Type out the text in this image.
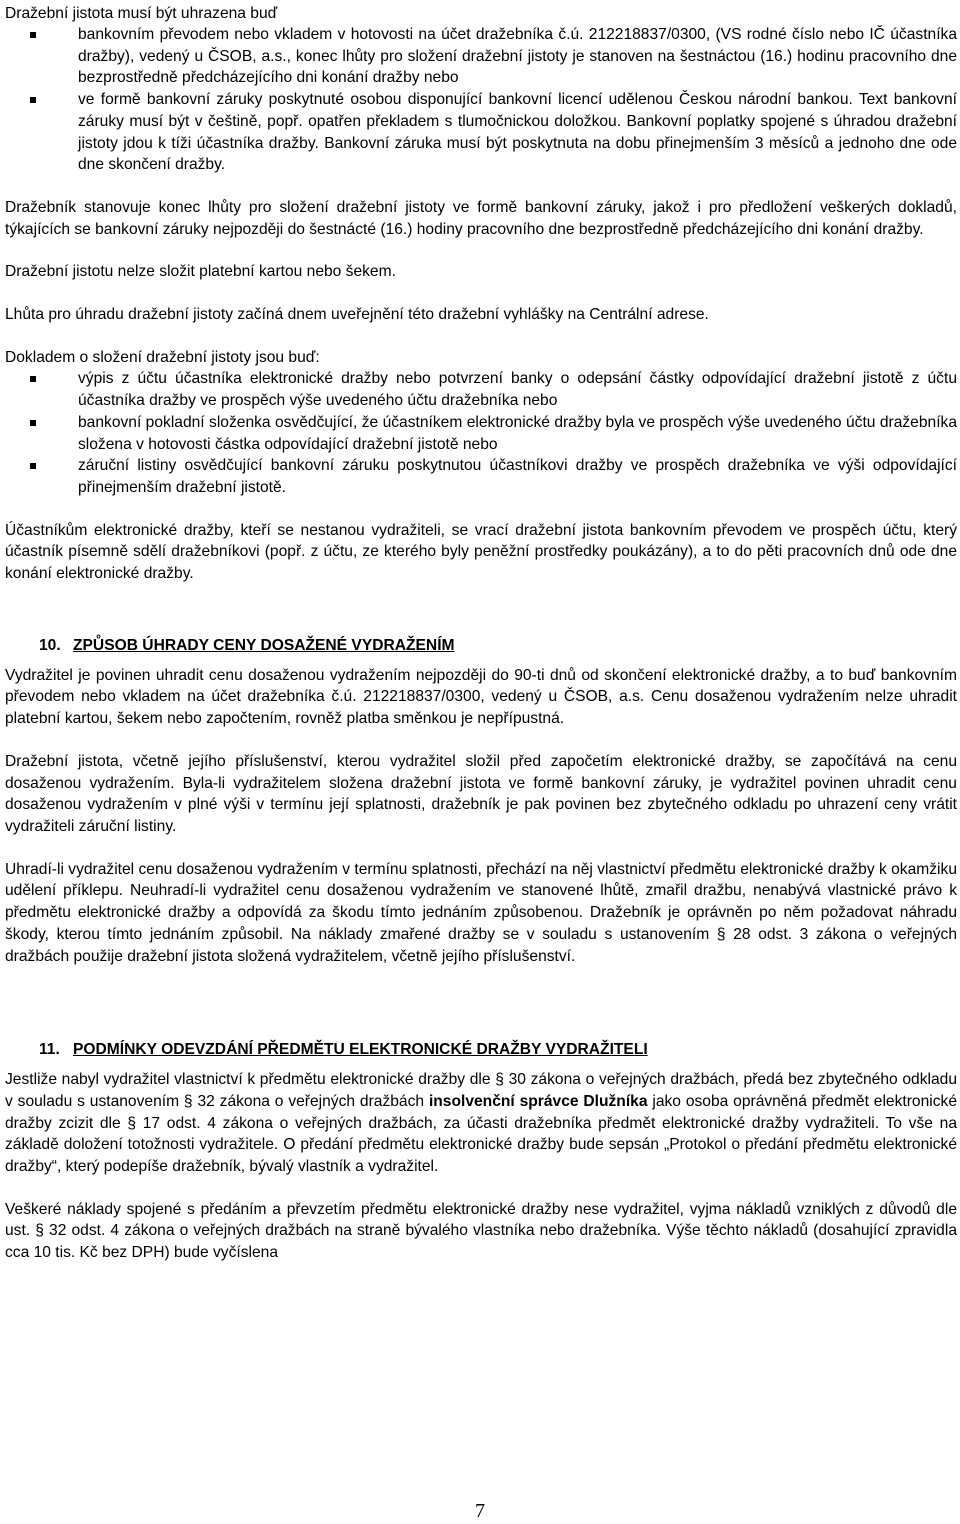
Dražební jistota musí být uhrazena buď

bankovním převodem nebo vkladem v hotovosti na účet dražebníka č.ú. 212218837/0300, (VS rodné číslo nebo IČ účastníka dražby), vedený u ČSOB, a.s., konec lhůty pro složení dražební jistoty je stanoven na šestnáctou (16.) hodinu pracovního dne bezprostředně předcházejícího dni konání dražby nebo
ve formě bankovní záruky poskytnuté osobou disponující bankovní licencí udělenou Českou národní bankou. Text bankovní záruky musí být v češtině, popř. opatřen překladem s tlumočnickou doložkou. Bankovní poplatky spojené s úhradou dražební jistoty jdou k tíži účastníka dražby. Bankovní záruka musí být poskytnuta na dobu přinejmenším 3 měsíců a jednoho dne ode dne skončení dražby.

Dražebník stanovuje konec lhůty pro složení dražební jistoty ve formě bankovní záruky, jakož i pro předložení veškerých dokladů, týkajících se bankovní záruky nejpozději do šestnácté (16.) hodiny pracovního dne bezprostředně předcházejícího dni konání dražby.

Dražební jistotu nelze složit platební kartou nebo šekem.

Lhůta pro úhradu dražební jistoty začíná dnem uveřejnění této dražební vyhlášky na Centrální adrese.

Dokladem o složení dražební jistoty jsou buď:

výpis z účtu účastníka elektronické dražby nebo potvrzení banky o odepsání částky odpovídající dražební jistotě z účtu účastníka dražby ve prospěch výše uvedeného účtu dražebníka nebo
bankovní pokladní složenka osvědčující, že účastníkem elektronické dražby byla ve prospěch výše uvedeného účtu dražebníka složena v hotovosti částka odpovídající dražební jistotě nebo
záruční listiny osvědčující bankovní záruku poskytnutou účastníkovi dražby ve prospěch dražebníka ve výši odpovídající přinejmenším dražební jistotě.

Účastníkům elektronické dražby, kteří se nestanou vydražiteli, se vrací dražební jistota bankovním převodem ve prospěch účtu, který účastník písemně sdělí dražebníkovi (popř. z účtu, ze kterého byly peněžní prostředky poukázány), a to do pěti pracovních dnů ode dne konání elektronické dražby.

10. ZPŮSOB ÚHRADY CENY DOSAŽENÉ VYDRAŽENÍM

Vydražitel je povinen uhradit cenu dosaženou vydražením nejpozději do 90-ti dnů od skončení elektronické dražby, a to buď bankovním převodem nebo vkladem na účet dražebníka č.ú. 212218837/0300, vedený u ČSOB, a.s. Cenu dosaženou vydražením nelze uhradit platební kartou, šekem nebo započtením, rovněž platba směnkou je nepřípustná.

Dražební jistota, včetně jejího příslušenství, kterou vydražitel složil před započetím elektronické dražby, se započítává na cenu dosaženou vydražením. Byla-li vydražitelem složena dražební jistota ve formě bankovní záruky, je vydražitel povinen uhradit cenu dosaženou vydražením v plné výši v termínu její splatnosti, dražebník je pak povinen bez zbytečného odkladu po uhrazení ceny vrátit vydražiteli záruční listiny.

Uhradí-li vydražitel cenu dosaženou vydražením v termínu splatnosti, přechází na něj vlastnictví předmětu elektronické dražby k okamžiku udělení příklepu. Neuhradí-li vydražitel cenu dosaženou vydražením ve stanovené lhůtě, zmařil dražbu, nenabývá vlastnické právo k předmětu elektronické dražby a odpovídá za škodu tímto jednáním způsobenou. Dražebník je oprávněn po něm požadovat náhradu škody, kterou tímto jednáním způsobil. Na náklady zmařené dražby se v souladu s ustanovením § 28 odst. 3 zákona o veřejných dražbách použije dražební jistota složená vydražitelem, včetně jejího příslušenství.

11. PODMÍNKY ODEVZDÁNÍ PŘEDMĚTU ELEKTRONICKÉ DRAŽBY VYDRAŽITELI

Jestliže nabyl vydražitel vlastnictví k předmětu elektronické dražby dle § 30 zákona o veřejných dražbách, předá bez zbytečného odkladu v souladu s ustanovením § 32 zákona o veřejných dražbách insolvenční správce Dlužníka jako osoba oprávněná předmět elektronické dražby zcizit dle § 17 odst. 4 zákona o veřejných dražbách, za účasti dražebníka předmět elektronické dražby vydražiteli. To vše na základě doložení totožnosti vydražitele. O předání předmětu elektronické dražby bude sepsán „Protokol o předání předmětu elektronické dražby“, který podepíše dražebník, bývalý vlastník a vydražitel.

Veškeré náklady spojené s předáním a převzetím předmětu elektronické dražby nese vydražitel, vyjma nákladů vzniklých z důvodů dle ust. § 32 odst. 4 zákona o veřejných dražbách na straně bývalého vlastníka nebo dražebníka. Výše těchto nákladů (dosahující zpravidla cca 10 tis. Kč bez DPH) bude vyčíslena

7
